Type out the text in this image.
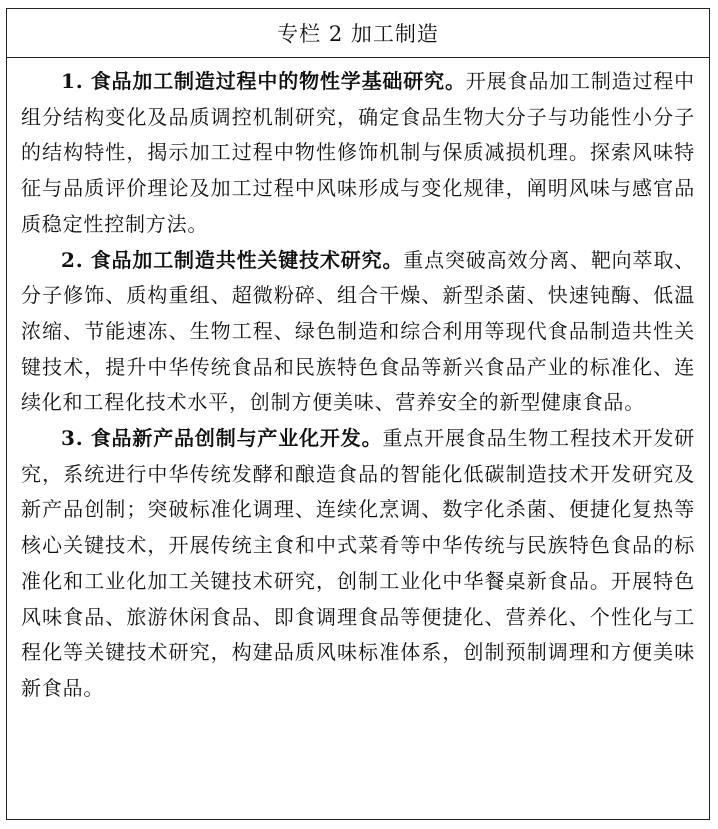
专栏 2 加工制造

1. 食品加工制造过程中的物性学基础研究。开展食品加工制造过程中组分结构变化及品质调控机制研究，确定食品生物大分子与功能性小分子的结构特性，揭示加工过程中物性修饰机制与保质减损机理。探索风味特征与品质评价理论及加工过程中风味形成与变化规律，阐明风味与感官品质稳定性控制方法。

2. 食品加工制造共性关键技术研究。重点突破高效分离、靶向萃取、分子修饰、质构重组、超微粉碎、组合干燥、新型杀菌、快速钝酶、低温浓缩、节能速冻、生物工程、绿色制造和综合利用等现代食品制造共性关键技术，提升中华传统食品和民族特色食品等新兴食品产业的标准化、连续化和工程化技术水平，创制方便美味、营养安全的新型健康食品。

3. 食品新产品创制与产业化开发。重点开展食品生物工程技术开发研究，系统进行中华传统发酵和酿造食品的智能化低碳制造技术开发研究及新产品创制；突破标准化调理、连续化烹调、数字化杀菌、便捷化复热等核心关键技术，开展传统主食和中式菜肴等中华传统与民族特色食品的标准化和工业化加工关键技术研究，创制工业化中华餐桌新食品。开展特色风味食品、旅游休闲食品、即食调理食品等便捷化、营养化、个性化与工程化等关键技术研究，构建品质风味标准体系，创制预制调理和方便美味新食品。
